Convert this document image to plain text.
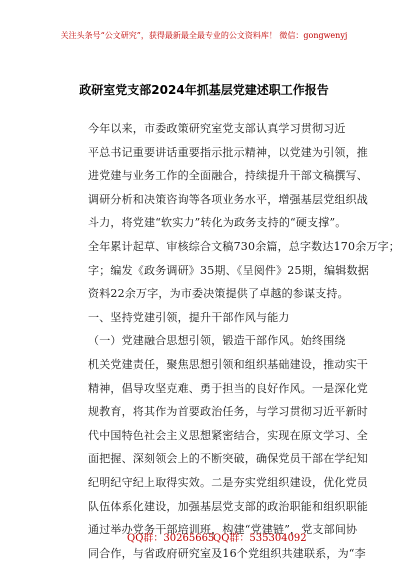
关注头条号“公文研究”，获得最新最全最专业的公文资料库！ 微信：gongwenyj
政研室党支部2024年抓基层党建述职工作报告
今年以来，市委政策研究室党支部认真学习贯彻习近
平总书记重要讲话重要指示批示精神，以党建为引领，推
进党建与业务工作的全面融合，持续提升干部文稿撰写、
调研分析和决策咨询等各项业务水平，增强基层党组织战
斗力，将党建“软实力”转化为政务支持的“硬支撑”。
全年累计起草、审核综合文稿730余篇，总字数达170余万字；
字；编发《政务调研》35期、《呈阅件》25期，编辑数据
资料22余万字，为市委决策提供了卓越的参谋支持。
一、坚持党建引领，提升干部作风与能力
（一）党建融合思想引领，锻造干部作风。始终围绕
机关党建责任，聚焦思想引领和组织基础建设，推动实干
精神，倡导攻坚克难、勇于担当的良好作风。一是深化党
规教育，将其作为首要政治任务，与学习贯彻习近平新时
代中国特色社会主义思想紧密结合，实现在原文学习、全
面把握、深刻领会上的不断突破，确保党员干部在学纪知
纪明纪守纪上取得实效。二是夯实党组织建设，优化党员
队伍体系化建设，加强基层党支部的政治职能和组织职能
通过举办党务干部培训班，构建“党建链”，党支部间协
同合作，与省政府研究室及16个党组织共建联系，为“李
QQ群：30265665
QQ群：535304092
